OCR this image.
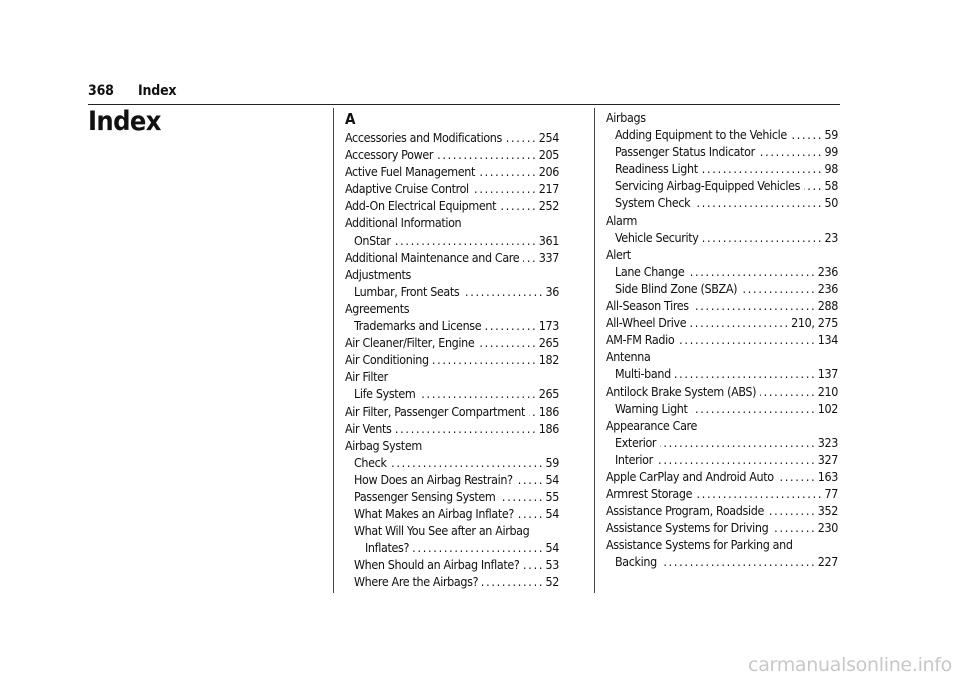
368 Index
Index	A
Accessories and Modifications . . .	254
Accessory Power . . .	205
Active Fuel Management . . .	206
Adaptive Cruise Control . . .	217
Add-On Electrical Equipment . . .	252
Additional Information
OnStar . . .	361
Additional Maintenance and Care . . . 337
Adjustments
Lumbar, Front Seats . . .	36
Agreements
Trademarks and License . . .	173
Air Cleaner/Filter, Engine . . .	265
Air Conditioning . . .	182
Air Filter
Life System . . .	265
Air Filter, Passenger Compartment . . . 186
Air Vents . . .	186
Airbag System
Check . . .	59
How Does an Airbag Restrain? . . .	54
Passenger Sensing System . . .	55
What Makes an Airbag Inflate? . . .	54
What Will You See after an Airbag
Inflates? . . .	54
When Should an Airbag Inflate? . . . 53
Where Are the Airbags? . . .	52
Airbags
Adding Equipment to the Vehicle . . .	59
Passenger Status Indicator . . .	99
Readiness Light . . .	98
Servicing Airbag-Equipped Vehicles . . . 58
System Check . . .	50
Alarm
Vehicle Security . . .	23
Alert
Lane Change . . .	236
Side Blind Zone (SBZA) . . .	236
All-Season Tires . . .	288
All-Wheel Drive . . .	210, 275
AM-FM Radio . . .	134
Antenna
Multi-band . . .	137
Antilock Brake System (ABS) . . .	210
Warning Light . . .	102
Appearance Care
Exterior . . .	323
Interior . . .	327
Apple CarPlay and Android Auto . . .	163
Armrest Storage . . .	77
Assistance Program, Roadside . . .	352
Assistance Systems for Driving . . .	230
Assistance Systems for Parking and
Backing . . .	227
carmanualsonline.info
